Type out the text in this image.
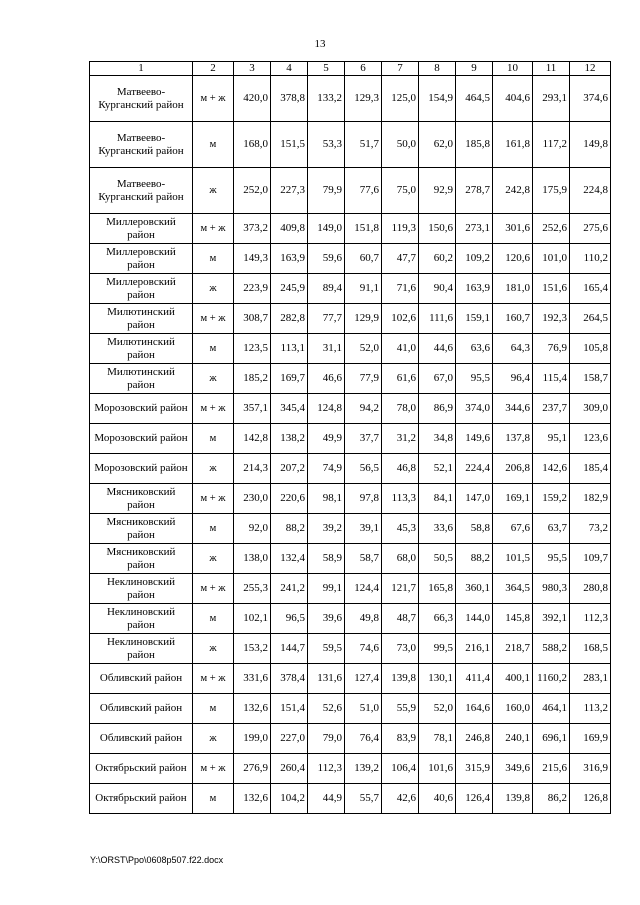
13
1	2	3	4	5	6	7	8	9	10	11	12
Матвеево-Курганский район	м + ж	420,0	378,8	133,2	129,3	125,0	154,9	464,5	404,6	293,1	374,6
Матвеево-Курганский район	м	168,0	151,5	53,3	51,7	50,0	62,0	185,8	161,8	117,2	149,8
Матвеево-Курганский район	ж	252,0	227,3	79,9	77,6	75,0	92,9	278,7	242,8	175,9	224,8
Миллеровский район	м + ж	373,2	409,8	149,0	151,8	119,3	150,6	273,1	301,6	252,6	275,6
Миллеровский район	м	149,3	163,9	59,6	60,7	47,7	60,2	109,2	120,6	101,0	110,2
Миллеровский район	ж	223,9	245,9	89,4	91,1	71,6	90,4	163,9	181,0	151,6	165,4
Милютинский район	м + ж	308,7	282,8	77,7	129,9	102,6	111,6	159,1	160,7	192,3	264,5
Милютинский район	м	123,5	113,1	31,1	52,0	41,0	44,6	63,6	64,3	76,9	105,8
Милютинский район	ж	185,2	169,7	46,6	77,9	61,6	67,0	95,5	96,4	115,4	158,7
Морозовский район	м + ж	357,1	345,4	124,8	94,2	78,0	86,9	374,0	344,6	237,7	309,0
Морозовский район	м	142,8	138,2	49,9	37,7	31,2	34,8	149,6	137,8	95,1	123,6
Морозовский район	ж	214,3	207,2	74,9	56,5	46,8	52,1	224,4	206,8	142,6	185,4
Мясниковский район	м + ж	230,0	220,6	98,1	97,8	113,3	84,1	147,0	169,1	159,2	182,9
Мясниковский район	м	92,0	88,2	39,2	39,1	45,3	33,6	58,8	67,6	63,7	73,2
Мясниковский район	ж	138,0	132,4	58,9	58,7	68,0	50,5	88,2	101,5	95,5	109,7
Неклиновский район	м + ж	255,3	241,2	99,1	124,4	121,7	165,8	360,1	364,5	980,3	280,8
Неклиновский район	м	102,1	96,5	39,6	49,8	48,7	66,3	144,0	145,8	392,1	112,3
Неклиновский район	ж	153,2	144,7	59,5	74,6	73,0	99,5	216,1	218,7	588,2	168,5
Обливский район	м + ж	331,6	378,4	131,6	127,4	139,8	130,1	411,4	400,1	1160,2	283,1
Обливский район	м	132,6	151,4	52,6	51,0	55,9	52,0	164,6	160,0	464,1	113,2
Обливский район	ж	199,0	227,0	79,0	76,4	83,9	78,1	246,8	240,1	696,1	169,9
Октябрьский район	м + ж	276,9	260,4	112,3	139,2	106,4	101,6	315,9	349,6	215,6	316,9
Октябрьский район	м	132,6	104,2	44,9	55,7	42,6	40,6	126,4	139,8	86,2	126,8
Y:\ORST\Ppo\0608p507.f22.docx
